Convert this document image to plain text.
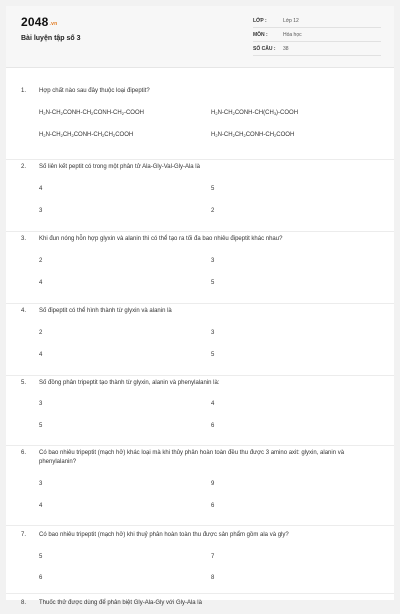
2048.vn
Bài luyện tập số 3
LỚP :	Lớp 12
MÔN :	Hóa học
SỐ CÂU : 38
1. Hợp chất nào sau đây thuộc loại đipeptit?
$H_2N-CH_2CONH-CH_2CONH-CH_2$-COOH	$H_2N-CH_2CONH-CH(CH_3)$-COOH
$H_2N-CH_2CH_2CONH-CH_2CH_2COOH$	$H_2N-CH_2CH_2CONH-CH_2COOH$
2. Số liên kết peptit có trong một phân tử Ala-Gly-Val-Gly-Ala là
4	5
3	2
3. Khi đun nóng hỗn hợp glyxin và alanin thì có thể tạo ra tối đa bao nhiêu đipeptit khác nhau?
2	3
4	5
4. Số đipeptit có thể hình thành từ glyxin và alanin là
2	3
4	5
5. Số đồng phân tripeptit tạo thành từ glyxin, alanin và phenylalanin là:
3	4
5	6
6. Có bao nhiêu tripeptit (mạch hở) khác loại mà khi thủy phân hoàn toàn đều thu được 3 amino axit: glyxin, alanin và phenylalanin?
3	9
4	6
7. Có bao nhiêu tripeptit (mạch hở) khi thuỷ phân hoàn toàn thu được sản phẩm gồm ala và gly?
5	7
6	8
8. Thuốc thử được dùng để phân biệt Gly-Ala-Gly với Gly-Ala là
